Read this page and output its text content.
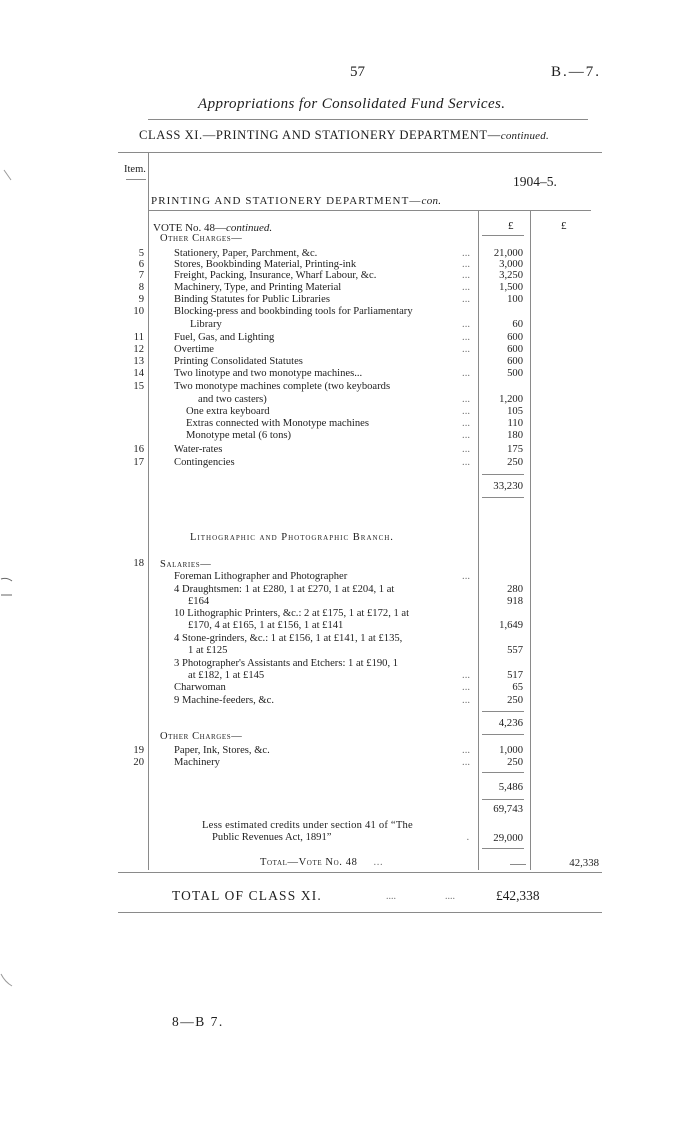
57	B.—7.
Appropriations for Consolidated Fund Services.
CLASS XI.—PRINTING AND STATIONERY DEPARTMENT—continued.
Item.
1904–5.
PRINTING AND STATIONERY DEPARTMENT—con.
VOTE No. 48—continued.	£	£
Other Charges—
5	Stationery, Paper, Parchment, &c.	... 21,000
6	Stores, Bookbinding Material, Printing-ink	...	3,000
7	Freight, Packing, Insurance, Wharf Labour, &c.	...	3,250
8	Machinery, Type, and Printing Material	...	1,500
9	Binding Statutes for Public Libraries	...	100
10	Blocking-press and bookbinding tools for Parliamentary
Library	...	60
11	Fuel, Gas, and Lighting	...	600
12	Overtime	...	600
13	Printing Consolidated Statutes	600
14	Two linotype and two monotype machines...	...	500
15	Two monotype machines complete (two keyboards
and two casters)	...	1,200
One extra keyboard	...	105
Extras connected with Monotype machines	...	110
Monotype metal (6 tons)	...	180
16	Water-rates	...	175
17	Contingencies	...	250
33,230
Lithographic and Photographic Branch.
18 Salaries—
Foreman Lithographer and Photographer	...
4 Draughtsmen: 1 at £280, 1 at £270, 1 at £204, 1 at	280
£164	918
10 Lithographic Printers, &c.: 2 at £175, 1 at £172, 1 at
£170, 4 at £165, 1 at £156, 1 at £141	1,649
4 Stone-grinders, &c.: 1 at £156, 1 at £141, 1 at £135,
1 at £125	557
3 Photographer's Assistants and Etchers: 1 at £190, 1
at £182, 1 at £145	...	517
Charwoman	...	65
9 Machine-feeders, &c.	...	250
4,236
Other Charges—
19	Paper, Ink, Stores, &c.	...	1,000
20	Machinery	...	250
5,486
69,743
Less estimated credits under section 41 of “The
Public Revenues Act, 1891”                                                   . 29,000
Total—Vote No. 48     ...	42,338
TOTAL OF CLASS XI.	....	....	£42,338
8—B 7.
